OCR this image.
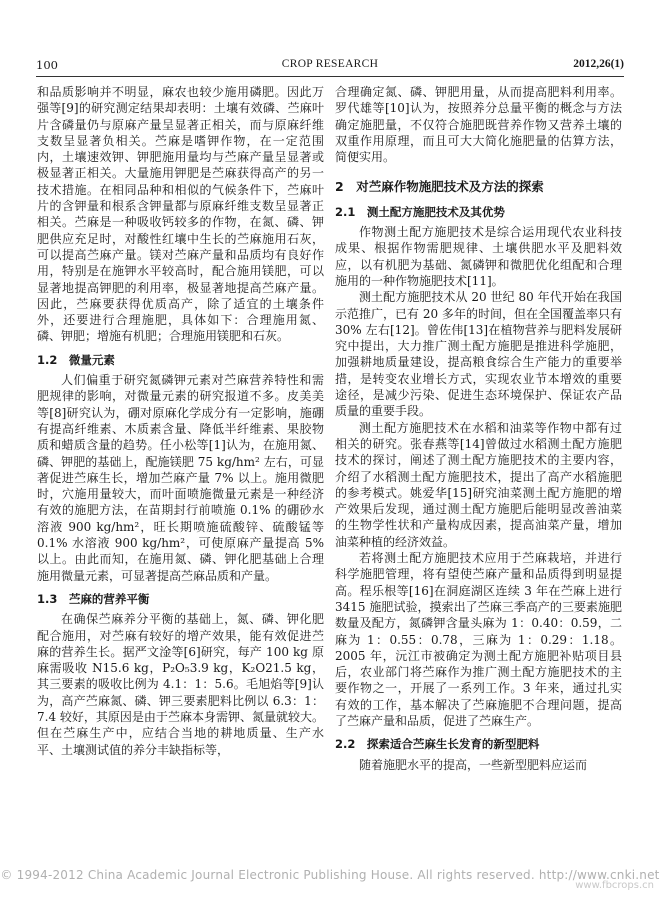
100	CROP RESEARCH	2012,26(1)

和品质影响并不明显，麻农也较少施用磷肥。因此万强等[9]的研究测定结果却表明：土壤有效磷、苎麻叶片含磷量仍与原麻产量呈显著正相关，而与原麻纤维支数呈显著负相关。苎麻是嗜钾作物，在一定范围内，土壤速效钾、钾肥施用量均与苎麻产量呈显著或极显著正相关。大量施用钾肥是苎麻获得高产的另一技术措施。在相同品种和相似的气候条件下，苎麻叶片的含钾量和根系含钾量都与原麻纤维支数呈显著正相关。苎麻是一种吸收钙较多的作物，在氮、磷、钾肥供应充足时，对酸性红壤中生长的苎麻施用石灰，可以提高苎麻产量。镁对苎麻产量和品质均有良好作用，特别是在施钾水平较高时，配合施用镁肥，可以显著地提高钾肥的利用率，极显著地提高苎麻产量。因此，苎麻要获得优质高产，除了适宜的土壤条件外，还要进行合理施肥，具体如下：合理施用氮、磷、钾肥；增施有机肥；合理施用镁肥和石灰。

1.2　微量元素

人们偏重于研究氮磷钾元素对苎麻营养特性和需肥规律的影响，对微量元素的研究报道不多。皮美美等[8]研究认为，硼对原麻化学成分有一定影响，施硼有提高纤维素、木质素含量、降低半纤维素、果胶物质和蜡质含量的趋势。任小松等[1]认为，在施用氮、磷、钾肥的基础上，配施镁肥 75 kg/hm² 左右，可显著促进苎麻生长，增加苎麻产量 7% 以上。施用微肥时，穴施用量较大，而叶面喷施微量元素是一种经济有效的施肥方法，在苗期封行前喷施 0.1% 的硼砂水溶液 900 kg/hm²，旺长期喷施硫酸锌、硫酸锰等 0.1% 水溶液 900 kg/hm²，可使原麻产量提高 5% 以上。由此而知，在施用氮、磷、钾化肥基础上合理施用微量元素，可显著提高苎麻品质和产量。

1.3　苎麻的营养平衡

在确保苎麻养分平衡的基础上，氮、磷、钾化肥配合施用，对苎麻有较好的增产效果，能有效促进苎麻的营养生长。据严文淦等[6]研究，每产 100 kg 原麻需吸收 N15.6 kg，P₂O₅3.9 kg，K₂O21.5 kg，其三要素的吸收比例为 4.1：1：5.6。毛旭焰等[9]认为，高产苎麻氮、磷、钾三要素肥料比例以 6.3：1：7.4 较好，其原因是由于苎麻本身需钾、氮量就较大。但在苎麻生产中，应结合当地的耕地质量、生产水平、土壤测试值的养分丰缺指标等，

合理确定氮、磷、钾肥用量，从而提高肥料利用率。罗代雄等[10]认为，按照养分总量平衡的概念与方法确定施肥量，不仅符合施肥既营养作物又营养土壤的双重作用原理，而且可大大简化施肥量的估算方法，简便实用。

2　对苎麻作物施肥技术及方法的探索
2.1　测土配方施肥技术及其优势

作物测土配方施肥技术是综合运用现代农业科技成果、根据作物需肥规律、土壤供肥水平及肥料效应，以有机肥为基础、氮磷钾和微肥优化组配和合理施用的一种作物施肥技术[11]。

测土配方施肥技术从 20 世纪 80 年代开始在我国示范推广，已有 20 多年的时间，但在全国覆盖率只有 30% 左右[12]。曾佐伟[13]在植物营养与肥料发展研究中提出，大力推广测土配方施肥是推进科学施肥，加强耕地质量建设，提高粮食综合生产能力的重要举措，是转变农业增长方式，实现农业节本增效的重要途径，是减少污染、促进生态环境保护、保证农产品质量的重要手段。

测土配方施肥技术在水稻和油菜等作物中都有过相关的研究。张春燕等[14]曾做过水稻测土配方施肥技术的探讨，阐述了测土配方施肥技术的主要内容，介绍了水稻测土配方施肥技术，提出了高产水稻施肥的参考模式。姚爱华[15]研究油菜测土配方施肥的增产效果后发现，通过测土配方施肥后能明显改善油菜的生物学性状和产量构成因素，提高油菜产量，增加油菜种植的经济效益。

若将测土配方施肥技术应用于苎麻栽培，并进行科学施肥管理，将有望使苎麻产量和品质得到明显提高。程乐根等[16]在洞庭湖区连续 3 年在苎麻上进行 3415 施肥试验，摸索出了苎麻三季高产的三要素施肥数量及配方，氮磷钾含量头麻为 1：0.40：0.59，二麻为 1：0.55：0.78，三麻为 1：0.29：1.18。2005 年，沅江市被确定为测土配方施肥补贴项目县后，农业部门将苎麻作为推广测土配方施肥技术的主要作物之一，开展了一系列工作。3 年来，通过扎实有效的工作，基本解决了苎麻施肥不合理问题，提高了苎麻产量和品质，促进了苎麻生产。

2.2　探索适合苎麻生长发育的新型肥料

随着施肥水平的提高，一些新型肥料应运而

© 1994-2012 China Academic Journal Electronic Publishing House. All rights reserved. http://www.cnki.net
www.fbcrops.cn
